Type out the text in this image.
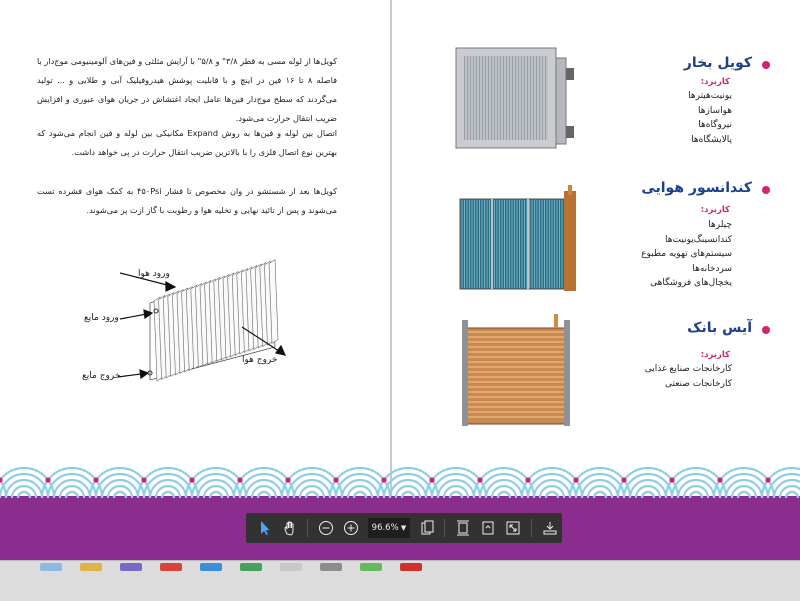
کویل‌ها از لوله مسی به قطر ۳/۸" و ۵/۸" با آرایش مثلثی و فین‌های آلومینیومی موج‌دار با فاصله ۸ تا ۱۶ فین در اینچ و با قابلیت پوشش هیدروفیلیک آبی و طلایی و ... تولید می‌گردند که سطح موج‌دار فین‌ها عامل ایجاد اغتشاش در جریان هوای عبوری و افزایش ضریب انتقال حرارت می‌شود.
اتصال بین لوله و فین‌ها به روش Expand مکانیکی بین لوله و فین انجام می‌شود که بهترین نوع اتصال فلزی را با بالاترین ضریب انتقال حرارت در پی خواهد داشت.
کویل‌ها بعد از شستشو در وان مخصوص تا فشار ۴۵۰Psi به کمک هوای فشرده تست می‌شوند و پس از تائید نهایی و تخلیه هوا و رطوبت با گاز ازت پر می‌شوند.
ورود هوا
ورود مایع
خروج هوا
خروج مایع
کویل بخار
کاربرد:
یونیت‌هیترها
هواسازها
نیروگاه‌ها
پالایشگاه‌ها
کندانسور هوایی
کاربرد:
چیلرها
کندانسینگ‌یونیت‌ها
سیستم‌های تهویه مطبوع
سردخانه‌ها
یخچال‌های فروشگاهی
آیس بانک
کاربرد:
کارخانجات صنایع غذایی
کارخانجات صنعتی
96.6% ▼
